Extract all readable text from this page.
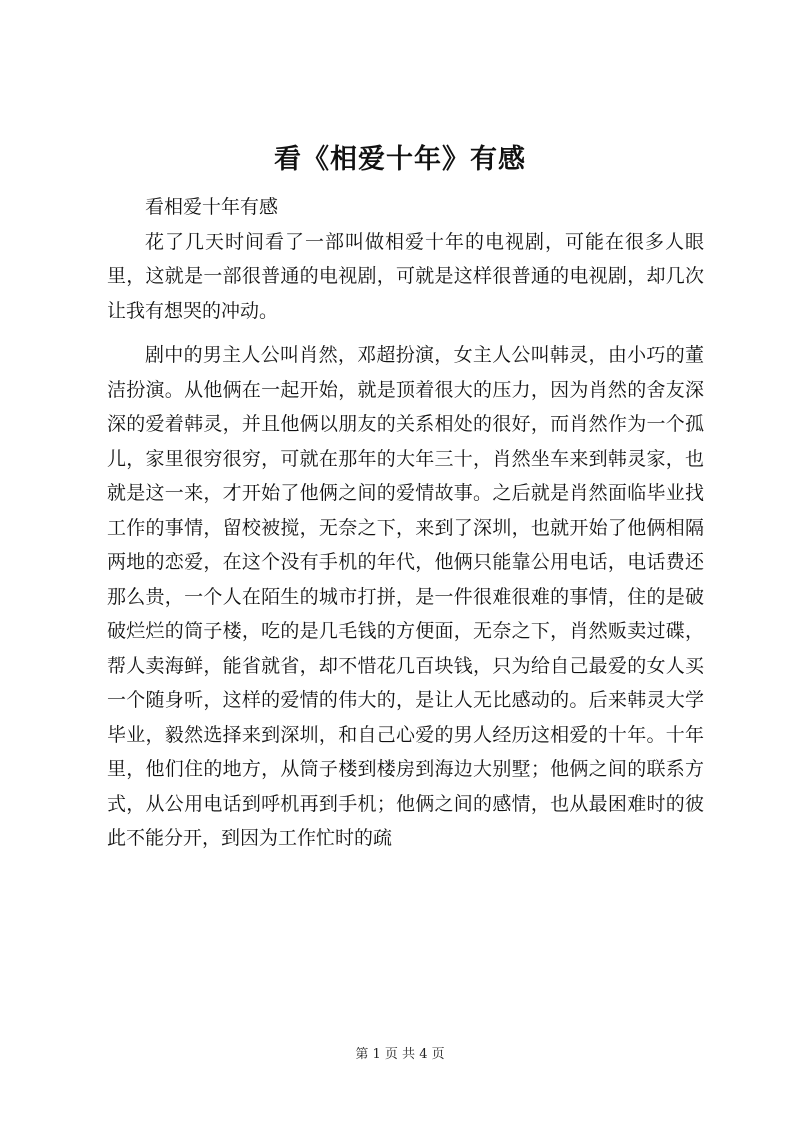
看《相爱十年》有感

看相爱十年有感

花了几天时间看了一部叫做相爱十年的电视剧，可能在很多人眼里，这就是一部很普通的电视剧，可就是这样很普通的电视剧，却几次让我有想哭的冲动。

剧中的男主人公叫肖然，邓超扮演，女主人公叫韩灵，由小巧的董洁扮演。从他俩在一起开始，就是顶着很大的压力，因为肖然的舍友深深的爱着韩灵，并且他俩以朋友的关系相处的很好，而肖然作为一个孤儿，家里很穷很穷，可就在那年的大年三十，肖然坐车来到韩灵家，也就是这一来，才开始了他俩之间的爱情故事。之后就是肖然面临毕业找工作的事情，留校被搅，无奈之下，来到了深圳，也就开始了他俩相隔两地的恋爱，在这个没有手机的年代，他俩只能靠公用电话，电话费还那么贵，一个人在陌生的城市打拼，是一件很难很难的事情，住的是破破烂烂的筒子楼，吃的是几毛钱的方便面，无奈之下，肖然贩卖过碟，帮人卖海鲜，能省就省，却不惜花几百块钱，只为给自己最爱的女人买一个随身听，这样的爱情的伟大的，是让人无比感动的。后来韩灵大学毕业，毅然选择来到深圳，和自己心爱的男人经历这相爱的十年。十年里，他们住的地方，从筒子楼到楼房到海边大别墅；他俩之间的联系方式，从公用电话到呼机再到手机；他俩之间的感情，也从最困难时的彼此不能分开，到因为工作忙时的疏

第 1 页 共 4 页
